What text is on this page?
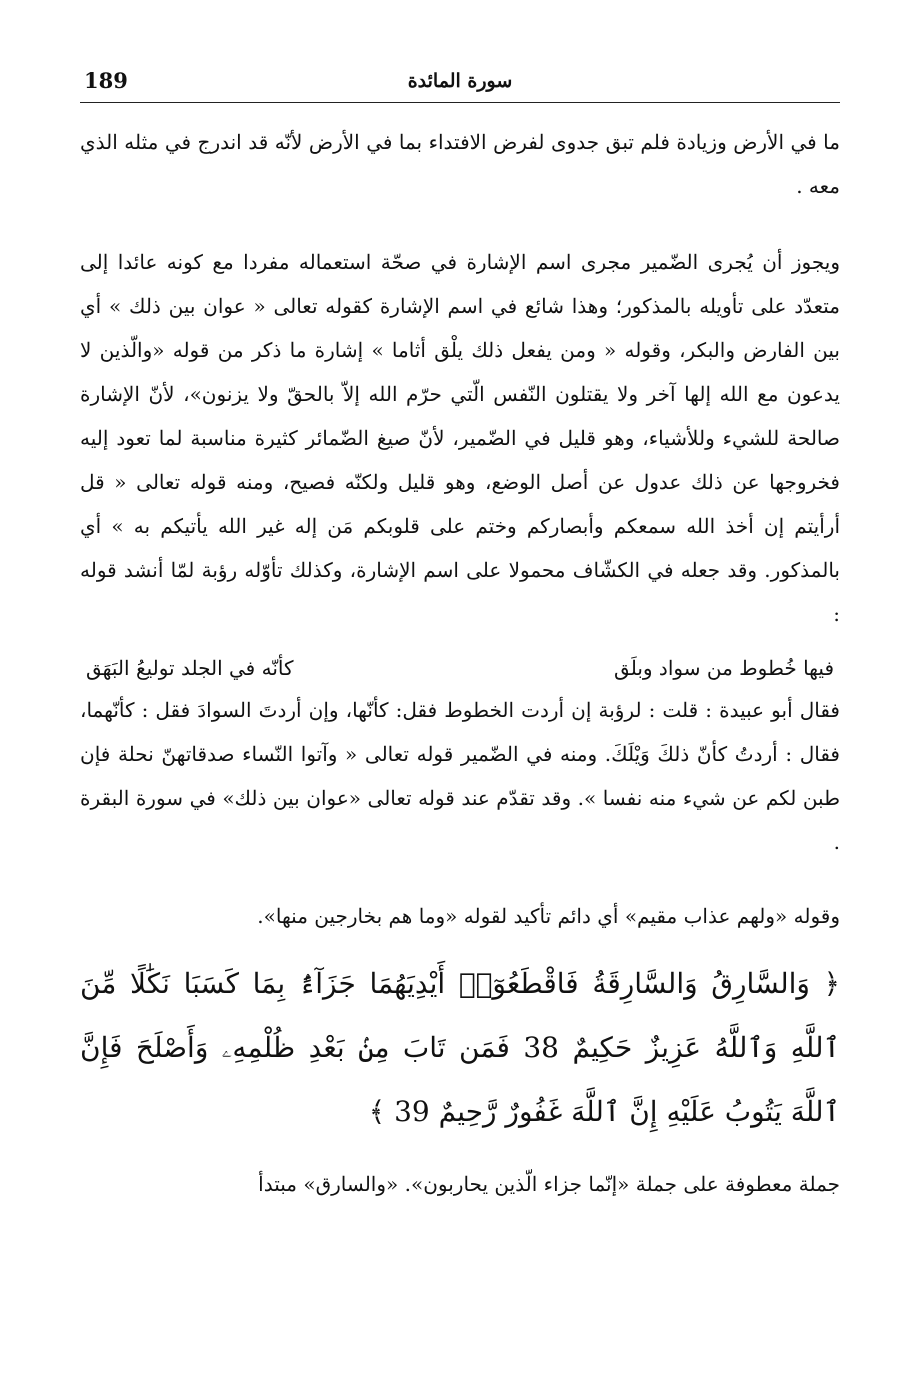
189	سورة المائدة

ما في الأرض وزيادة فلم تبق جدوى لفرض الافتداء بما في الأرض لأنّه قد اندرج في مثله الذي معه .

ويجوز أن يُجرى الضّمير مجرى اسم الإشارة في صحّة استعماله مفردا مع كونه عائدا إلى متعدّد على تأويله بالمذكور؛ وهذا شائع في اسم الإشارة كقوله تعالى « عوان بين ذلك » أي بين الفارض والبكر، وقوله « ومن يفعل ذلك يلْق أثاما » إشارة ما ذكر من قوله «والّذين لا يدعون مع الله إلها آخر ولا يقتلون النّفس الّتي حرّم الله إلاّ بالحقّ ولا يزنون»، لأنّ الإشارة صالحة للشيء وللأشياء، وهو قليل في الضّمير، لأنّ صيغ الضّمائر كثيرة مناسبة لما تعود إليه فخروجها عن ذلك عدول عن أصل الوضع، وهو قليل ولكنّه فصيح، ومنه قوله تعالى « قل أرأيتم إن أخذ الله سمعكم وأبصاركم وختم على قلوبكم مَن إله غير الله يأتيكم به » أي بالمذكور. وقد جعله في الكشّاف محمولا على اسم الإشارة، وكذلك تأوّله رؤبة لمّا أنشد قوله :

فيها خُطوط من سواد وبلَق
كأنّه في الجلد توليعُ البَهَق

فقال أبو عبيدة : قلت : لرؤبة إن أردت الخطوط فقل: كأنّها، وإن أردتَ السوادَ فقل : كأنّهما، فقال : أردتُ كأنّ ذلكَ وَيْلَكَ. ومنه في الضّمير قوله تعالى « وآتوا النّساء صدقاتهنّ نحلة فإن طبن لكم عن شيء منه نفسا ». وقد تقدّم عند قوله تعالى «عوان بين ذلك» في سورة البقرة .

وقوله «ولهم عذاب مقيم» أي دائم تأكيد لقوله «وما هم بخارجين منها».

﴿ وَالسَّارِقُ وَالسَّارِقَةُ فَاقْطَعُوٓا۟ أَيْدِيَهُمَا جَزَآءًۢ بِمَا كَسَبَا نَكَٰلًا مِّنَ ٱللَّهِ وَٱللَّهُ عَزِيزٌ حَكِيمٌ 38 فَمَن تَابَ مِنۢ بَعْدِ ظُلْمِهِۦ وَأَصْلَحَ فَإِنَّ ٱللَّهَ يَتُوبُ عَلَيْهِ إِنَّ ٱللَّهَ غَفُورٌ رَّحِيمٌ 39 ﴾

جملة معطوفة على جملة «إنّما جزاء الّذين يحاربون». «والسارق» مبتدأ
